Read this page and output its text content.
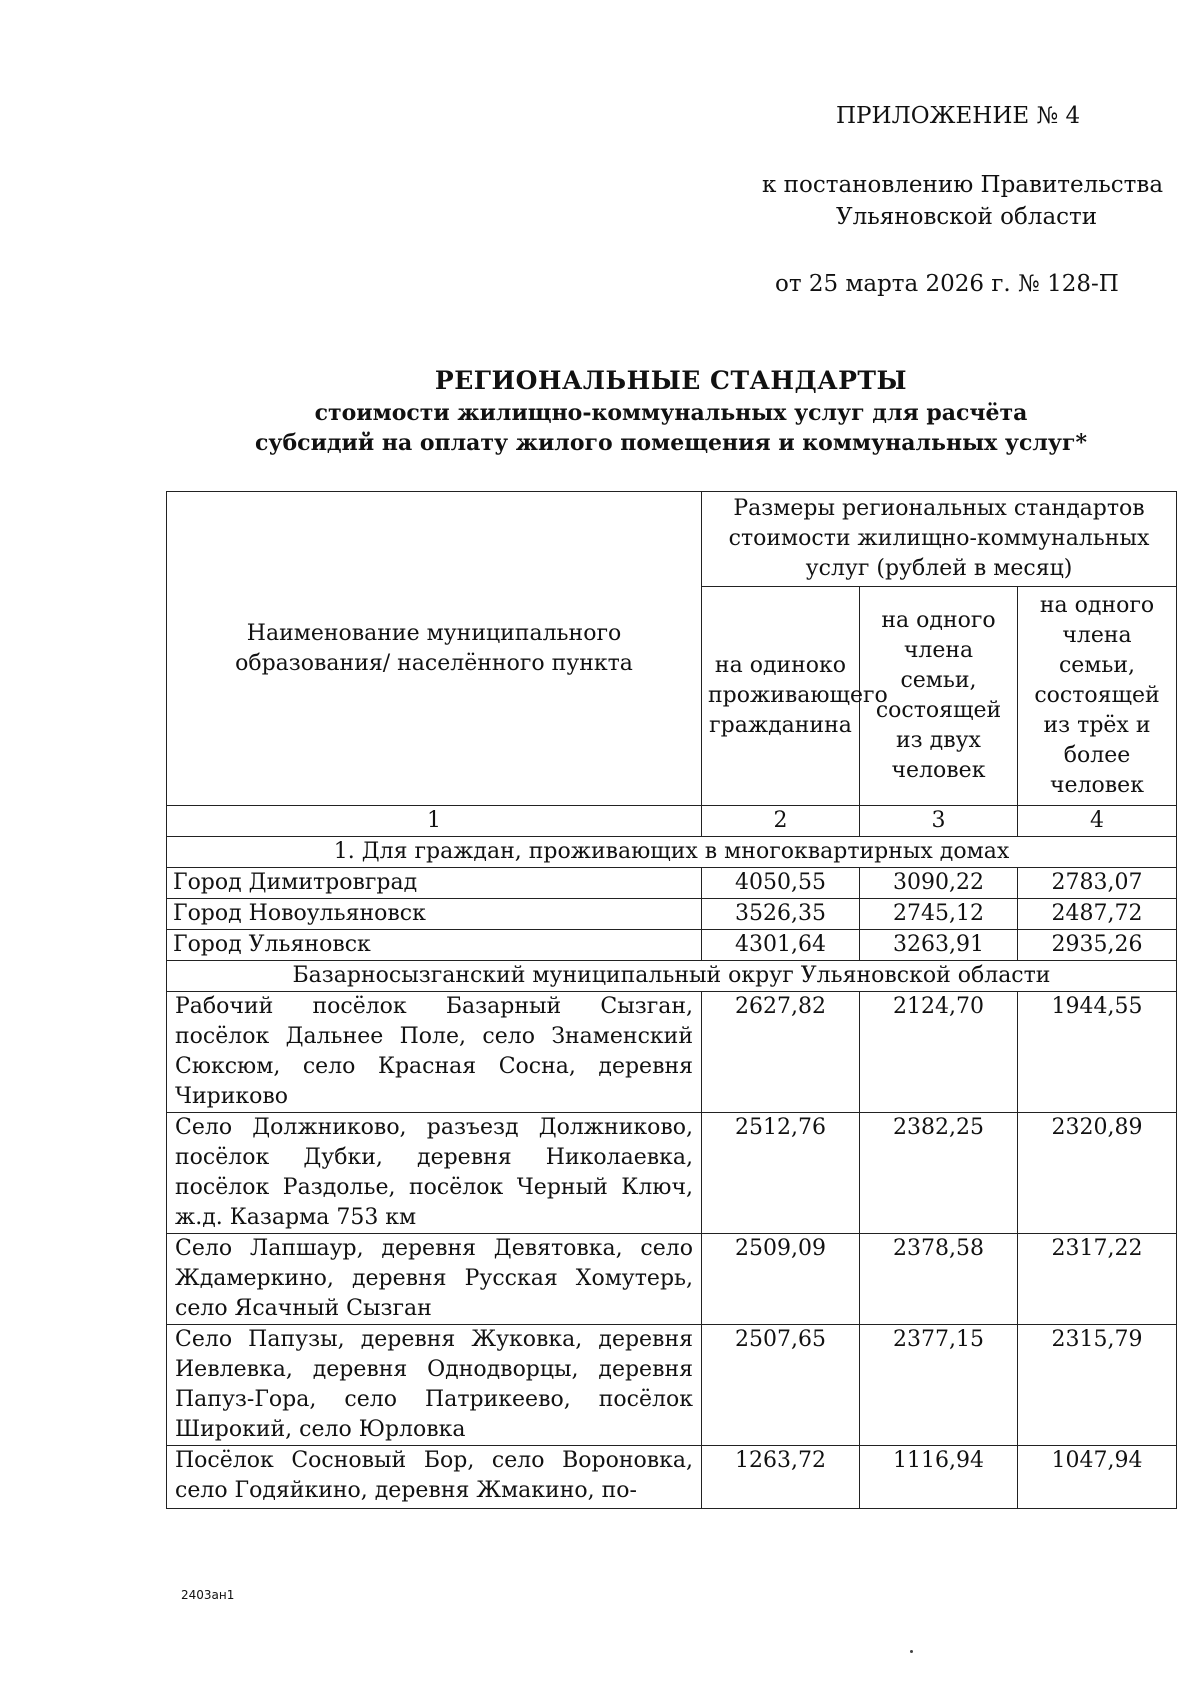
ПРИЛОЖЕНИЕ № 4
к постановлению Правительства
Ульяновской области
от 25 марта 2026 г. № 128-П
РЕГИОНАЛЬНЫЕ СТАНДАРТЫ
стоимости жилищно-коммунальных услуг для расчёта
субсидий на оплату жилого помещения и коммунальных услуг*
Наименование муниципального образования/ населённого пункта	Размеры региональных стандартов стоимости жилищно-коммунальных услуг (рублей в месяц)		
	на одиноко проживающего гражданина	на одного члена семьи, состоящей из двух человек	на одного члена семьи, состоящей из трёх и более человек
1	2	3	4
1. Для граждан, проживающих в многоквартирных домах			
Город Димитровград	4050,55	3090,22	2783,07
Город Новоульяновск	3526,35	2745,12	2487,72
Город Ульяновск	4301,64	3263,91	2935,26
Базарносызганский муниципальный округ Ульяновской области			
Рабочий посёлок Базарный Сызган, посёлок Дальнее Поле, село Знаменский Сюксюм, село Красная Сосна, деревня Чириково	2627,82	2124,70	1944,55
Село Должниково, разъезд Должниково, посёлок Дубки, деревня Николаевка, посёлок Раздолье, посёлок Черный Ключ, ж.д. Казарма 753 км	2512,76	2382,25	2320,89
Село Лапшаур, деревня Девятовка, село Ждамеркино, деревня Русская Хомутерь, село Ясачный Сызган	2509,09	2378,58	2317,22
Село Папузы, деревня Жуковка, деревня Иевлевка, деревня Однодворцы, деревня Папуз-Гора, село Патрикеево, посёлок Широкий, село Юрловка	2507,65	2377,15	2315,79
Посёлок Сосновый Бор, село Вороновка, село Годяйкино, деревня Жмакино, по-	1263,72	1116,94	1047,94
2403ан1
